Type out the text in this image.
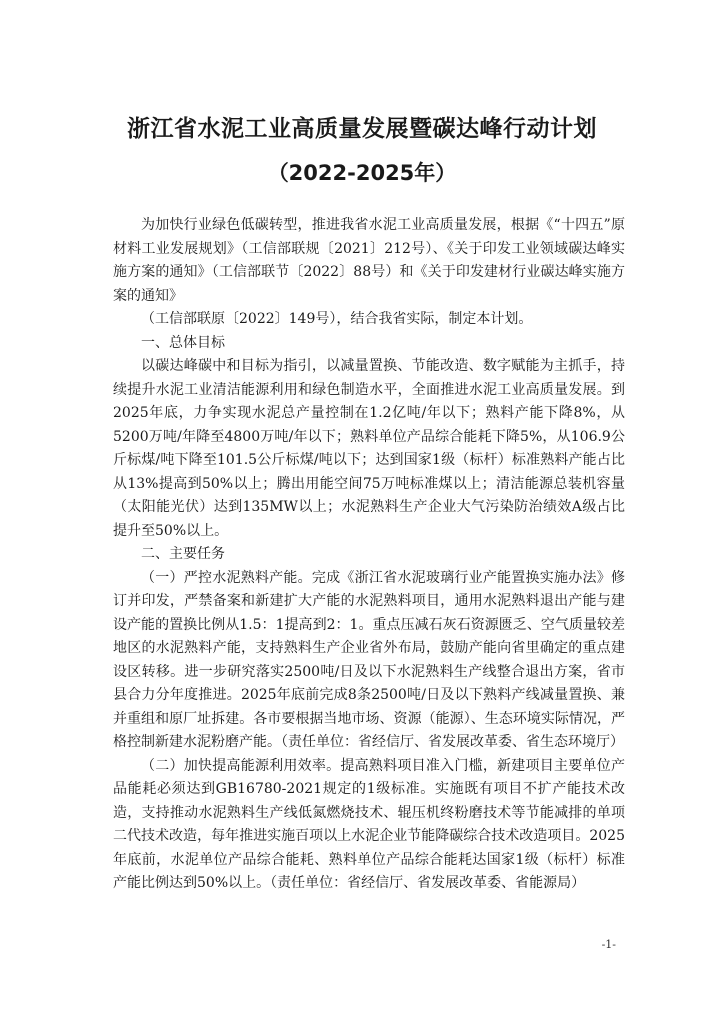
浙江省水泥工业高质量发展暨碳达峰行动计划
（2022-2025年）

为加快行业绿色低碳转型，推进我省水泥工业高质量发展，根据《“十四五”原材料工业发展规划》（工信部联规〔2021〕212号）、《关于印发工业领域碳达峰实施方案的通知》（工信部联节〔2022〕88号）和《关于印发建材行业碳达峰实施方案的通知》

（工信部联原〔2022〕149号），结合我省实际，制定本计划。

一、总体目标

以碳达峰碳中和目标为指引，以减量置换、节能改造、数字赋能为主抓手，持续提升水泥工业清洁能源利用和绿色制造水平，全面推进水泥工业高质量发展。到2025年底，力争实现水泥总产量控制在1.2亿吨/年以下；熟料产能下降8%，从5200万吨/年降至4800万吨/年以下；熟料单位产品综合能耗下降5%，从106.9公斤标煤/吨下降至101.5公斤标煤/吨以下；达到国家1级（标杆）标准熟料产能占比从13%提高到50%以上；腾出用能空间75万吨标准煤以上；清洁能源总装机容量（太阳能光伏）达到135MW以上；水泥熟料生产企业大气污染防治绩效A级占比提升至50%以上。

二、主要任务

（一）严控水泥熟料产能。完成《浙江省水泥玻璃行业产能置换实施办法》修订并印发，严禁备案和新建扩大产能的水泥熟料项目，通用水泥熟料退出产能与建设产能的置换比例从1.5：1提高到2：1。重点压减石灰石资源匮乏、空气质量较差地区的水泥熟料产能，支持熟料生产企业省外布局，鼓励产能向省里确定的重点建设区转移。进一步研究落实2500吨/日及以下水泥熟料生产线整合退出方案，省市县合力分年度推进。2025年底前完成8条2500吨/日及以下熟料产线减量置换、兼并重组和原厂址拆建。各市要根据当地市场、资源（能源）、生态环境实际情况，严格控制新建水泥粉磨产能。（责任单位：省经信厅、省发展改革委、省生态环境厅）

（二）加快提高能源利用效率。提高熟料项目准入门槛，新建项目主要单位产品能耗必须达到GB16780-2021规定的1级标准。实施既有项目不扩产能技术改造，支持推动水泥熟料生产线低氮燃烧技术、辊压机终粉磨技术等节能减排的单项二代技术改造，每年推进实施百项以上水泥企业节能降碳综合技术改造项目。2025年底前，水泥单位产品综合能耗、熟料单位产品综合能耗达国家1级（标杆）标准产能比例达到50%以上。（责任单位：省经信厅、省发展改革委、省能源局）

-1-
